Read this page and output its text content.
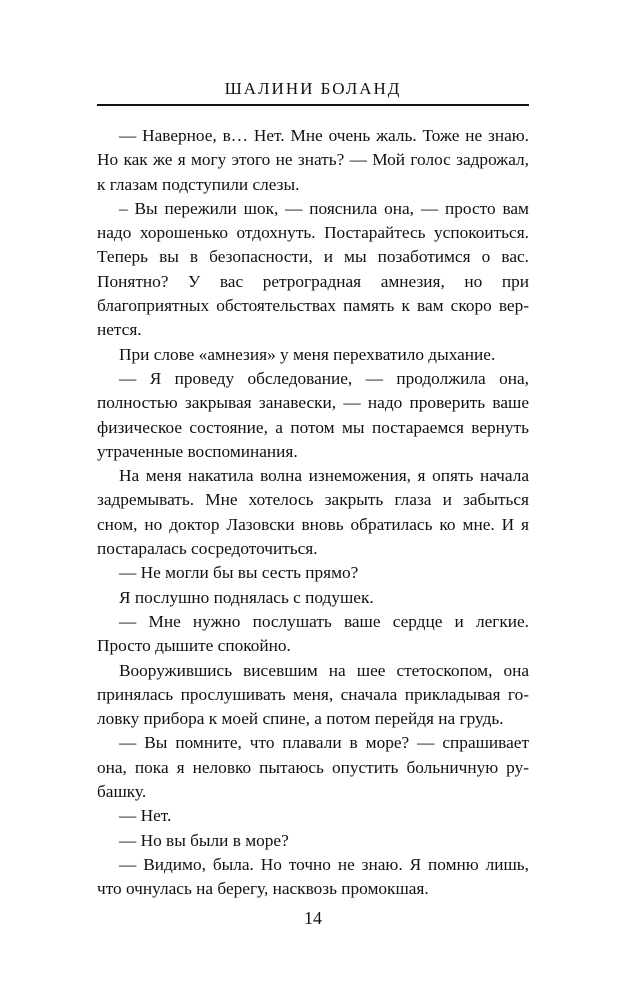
ШАЛИНИ БОЛАНД

— Наверное, в… Нет. Мне очень жаль. Тоже не знаю. Но как же я могу этого не знать? — Мой голос задрожал, к глазам подступили слезы.

– Вы пережили шок, — пояснила она, — просто вам надо хорошенько отдохнуть. Постарайтесь успокоиться. Теперь вы в безопасности, и мы позаботимся о вас. Понятно? У вас ретроградная амнезия, но при благоприятных обстоятельствах память к вам скоро вернется.

При слове «амнезия» у меня перехватило дыхание.

— Я проведу обследование, — продолжила она, полностью закрывая занавески, — надо проверить ваше физическое состояние, а потом мы постараемся вернуть утраченные воспоминания.

На меня накатила волна изнеможения, я опять начала задремывать. Мне хотелось закрыть глаза и забыться сном, но доктор Лазовски вновь обратилась ко мне. И я постаралась сосредоточиться.

— Не могли бы вы сесть прямо?

Я послушно поднялась с подушек.

— Мне нужно послушать ваше сердце и легкие. Просто дышите спокойно.

Вооружившись висевшим на шее стетоскопом, она принялась прослушивать меня, сначала прикладывая головку прибора к моей спине, а потом перейдя на грудь.

— Вы помните, что плавали в море? — спрашивает она, пока я неловко пытаюсь опустить больничную рубашку.

— Нет.

— Но вы были в море?

— Видимо, была. Но точно не знаю. Я помню лишь, что очнулась на берегу, насквозь промокшая.

14
